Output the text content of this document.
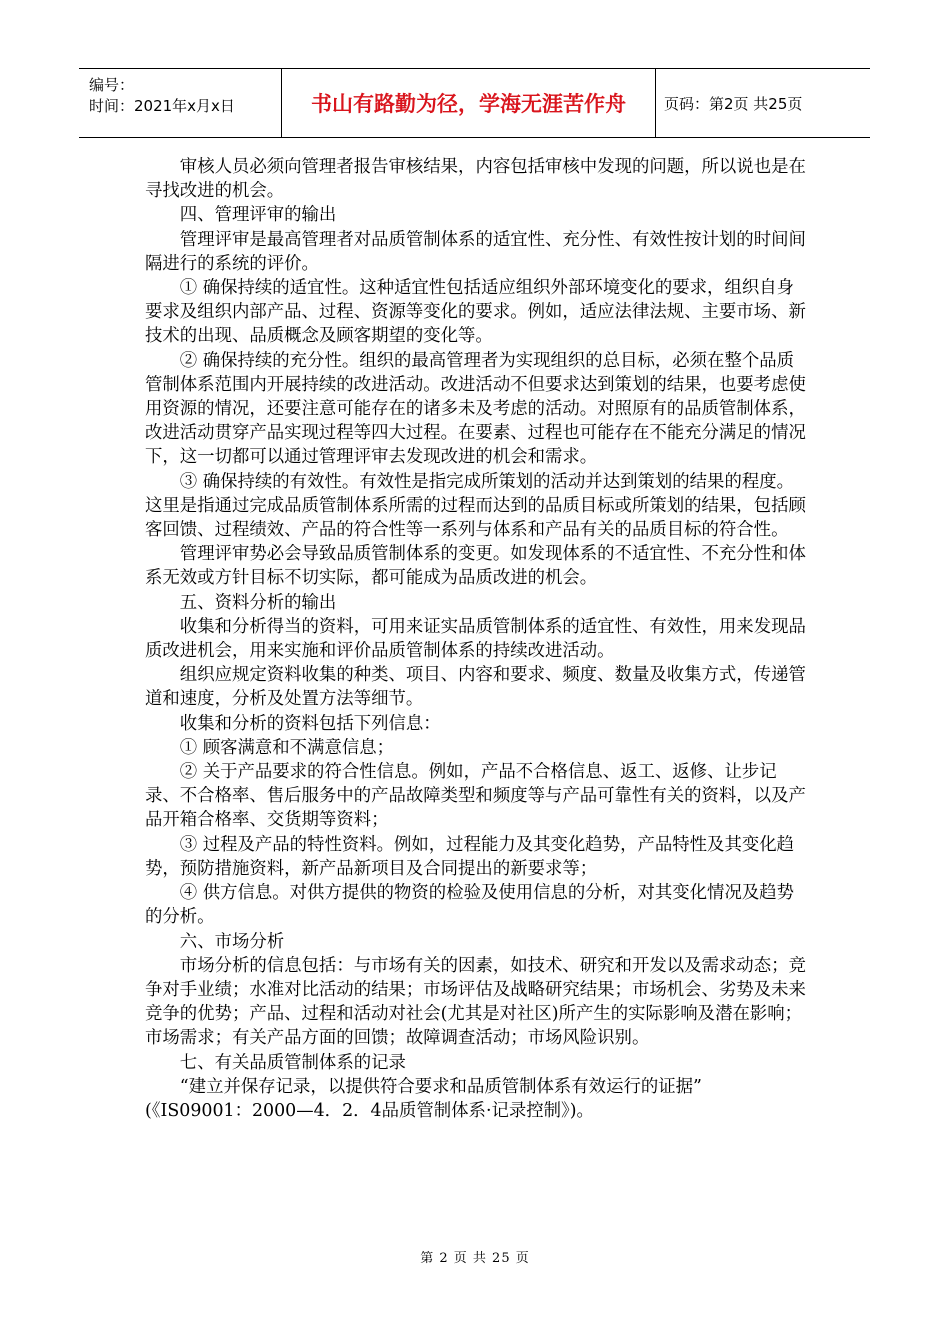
编号：
时间：2021年x月x日	书山有路勤为径，学海无涯苦作舟	页码：第2页 共25页

审核人员必须向管理者报告审核结果，内容包括审核中发现的问题，所以说也是在寻找改进的机会。

四、管理评审的输出

管理评审是最高管理者对品质管制体系的适宜性、充分性、有效性按计划的时间间隔进行的系统的评价。

① 确保持续的适宜性。这种适宜性包括适应组织外部环境变化的要求，组织自身要求及组织内部产品、过程、资源等变化的要求。例如，适应法律法规、主要市场、新技术的出现、品质概念及顾客期望的变化等。

② 确保持续的充分性。组织的最高管理者为实现组织的总目标，必须在整个品质管制体系范围内开展持续的改进活动。改进活动不但要求达到策划的结果，也要考虑使用资源的情况，还要注意可能存在的诸多未及考虑的活动。对照原有的品质管制体系，改进活动贯穿产品实现过程等四大过程。在要素、过程也可能存在不能充分满足的情况下，这一切都可以通过管理评审去发现改进的机会和需求。

③ 确保持续的有效性。有效性是指完成所策划的活动并达到策划的结果的程度。这里是指通过完成品质管制体系所需的过程而达到的品质目标或所策划的结果，包括顾客回馈、过程绩效、产品的符合性等一系列与体系和产品有关的品质目标的符合性。

管理评审势必会导致品质管制体系的变更。如发现体系的不适宜性、不充分性和体系无效或方针目标不切实际，都可能成为品质改进的机会。

五、资料分析的输出

收集和分析得当的资料，可用来证实品质管制体系的适宜性、有效性，用来发现品质改进机会，用来实施和评价品质管制体系的持续改进活动。

组织应规定资料收集的种类、项目、内容和要求、频度、数量及收集方式，传递管道和速度，分析及处置方法等细节。

收集和分析的资料包括下列信息：

① 顾客满意和不满意信息；

② 关于产品要求的符合性信息。例如，产品不合格信息、返工、返修、让步记录、不合格率、售后服务中的产品故障类型和频度等与产品可靠性有关的资料，以及产品开箱合格率、交货期等资料；

③ 过程及产品的特性资料。例如，过程能力及其变化趋势，产品特性及其变化趋势，预防措施资料，新产品新项目及合同提出的新要求等；

④ 供方信息。对供方提供的物资的检验及使用信息的分析，对其变化情况及趋势的分析。

六、市场分析

市场分析的信息包括：与市场有关的因素，如技术、研究和开发以及需求动态；竞争对手业绩；水准对比活动的结果；市场评估及战略研究结果；市场机会、劣势及未来竞争的优势；产品、过程和活动对社会(尤其是对社区)所产生的实际影响及潜在影响；市场需求；有关产品方面的回馈；故障调查活动；市场风险识别。

七、有关品质管制体系的记录

“建立并保存记录，以提供符合要求和品质管制体系有效运行的证据”

(《IS09001：2000—4．2．4品质管制体系·记录控制》)。

第 2 页 共 25 页
